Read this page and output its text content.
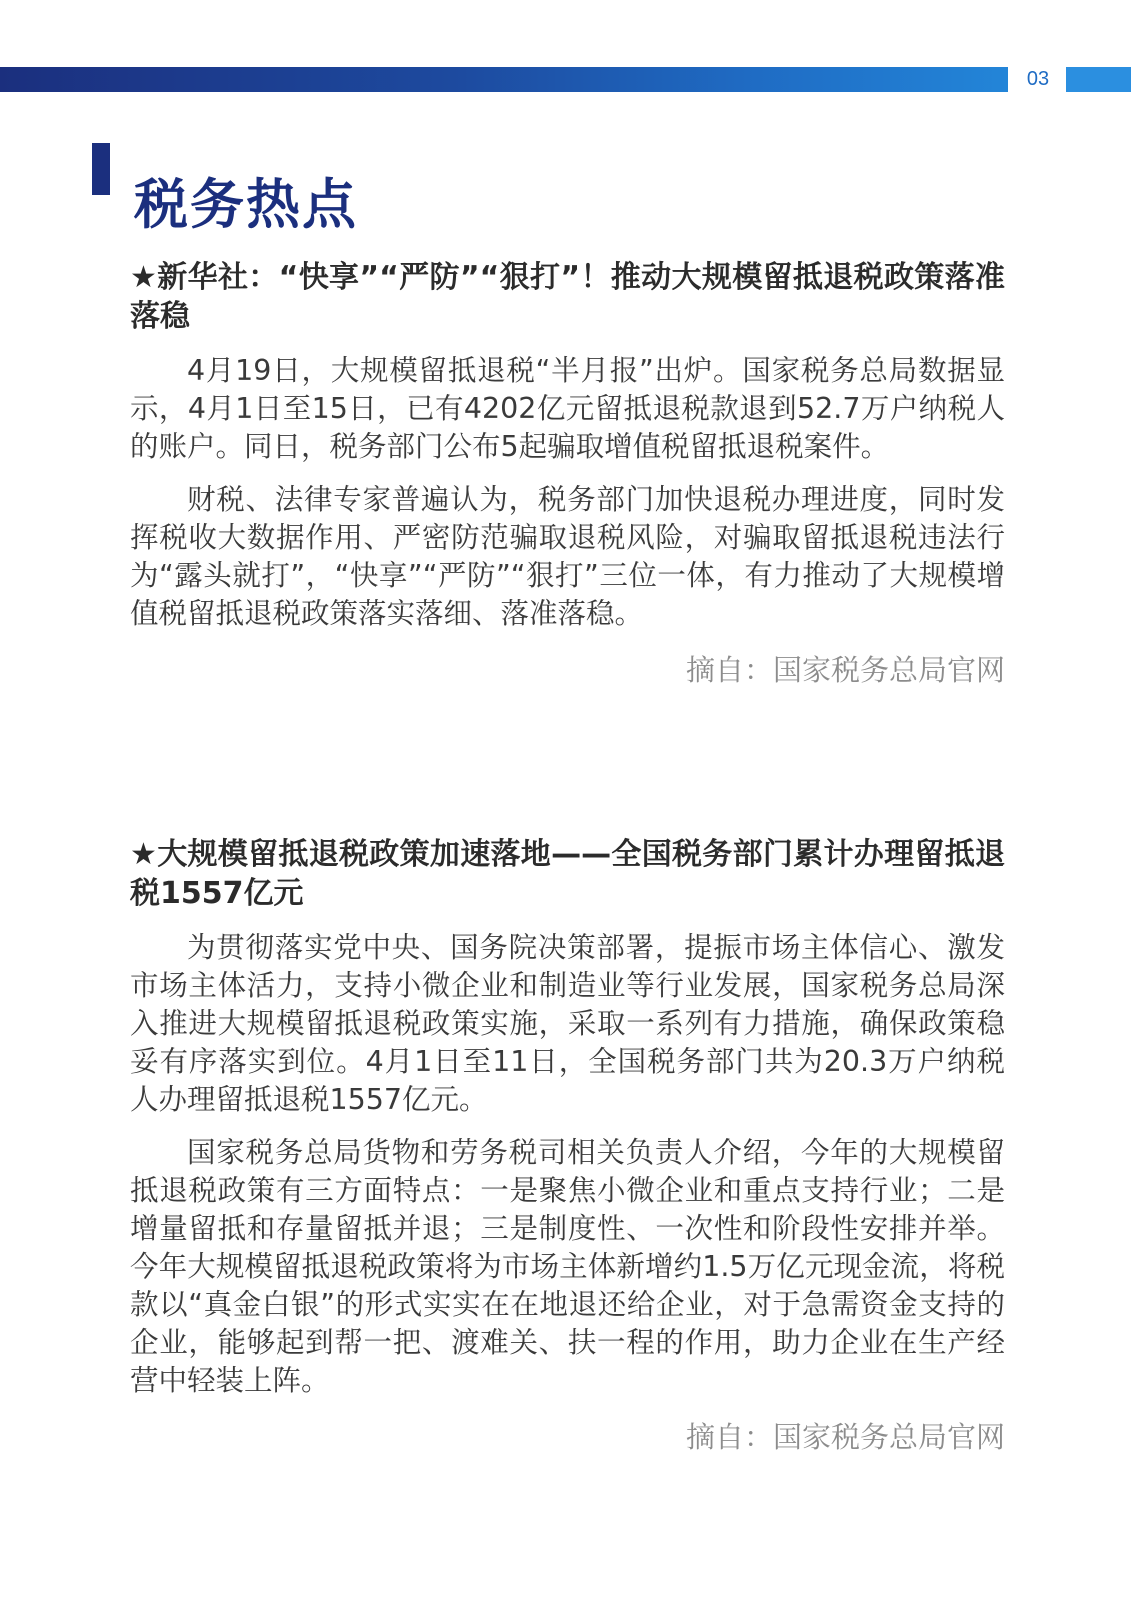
03
税务热点
★新华社：“快享”“严防”“狠打”！推动大规模留抵退税政策落准落稳

4月19日，大规模留抵退税“半月报”出炉。国家税务总局数据显示，4月1日至15日，已有4202亿元留抵退税款退到52.7万户纳税人的账户。同日，税务部门公布5起骗取增值税留抵退税案件。

财税、法律专家普遍认为，税务部门加快退税办理进度，同时发挥税收大数据作用、严密防范骗取退税风险，对骗取留抵退税违法行为“露头就打”，“快享”“严防”“狠打”三位一体，有力推动了大规模增值税留抵退税政策落实落细、落准落稳。

摘自：国家税务总局官网

★大规模留抵退税政策加速落地——全国税务部门累计办理留抵退税1557亿元

为贯彻落实党中央、国务院决策部署，提振市场主体信心、激发市场主体活力，支持小微企业和制造业等行业发展，国家税务总局深入推进大规模留抵退税政策实施，采取一系列有力措施，确保政策稳妥有序落实到位。4月1日至11日，全国税务部门共为20.3万户纳税人办理留抵退税1557亿元。

国家税务总局货物和劳务税司相关负责人介绍，今年的大规模留抵退税政策有三方面特点：一是聚焦小微企业和重点支持行业；二是增量留抵和存量留抵并退；三是制度性、一次性和阶段性安排并举。今年大规模留抵退税政策将为市场主体新增约1.5万亿元现金流，将税款以“真金白银”的形式实实在在地退还给企业，对于急需资金支持的企业，能够起到帮一把、渡难关、扶一程的作用，助力企业在生产经营中轻装上阵。

摘自：国家税务总局官网
